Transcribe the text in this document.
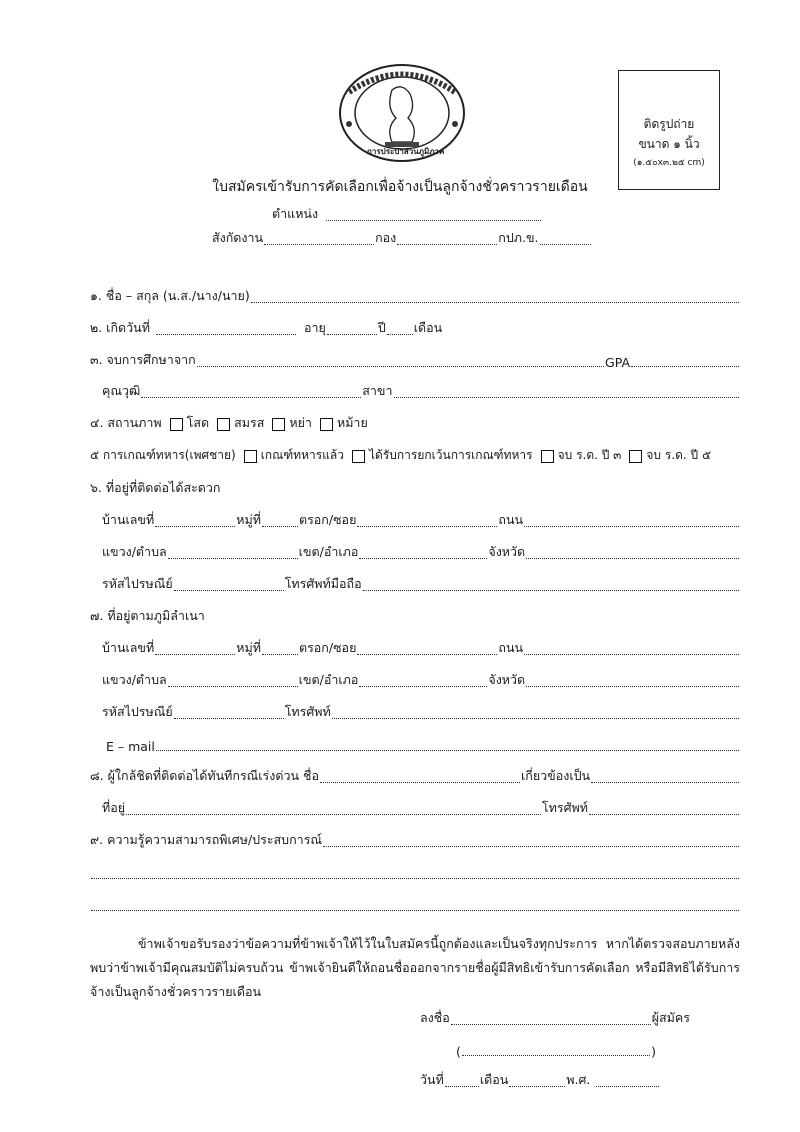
การประปาส่วนภูมิภาค
ติดรูปถ่าย
ขนาด ๑ นิ้ว
(๑.๕๐x๓.๒๕ cm)
ใบสมัครเข้ารับการคัดเลือกเพื่อจ้างเป็นลูกจ้างชั่วคราวรายเดือน
ตำแหน่ง
สังกัดงาน	กอง	กปภ.ข.
๑. ชื่อ – สกุล (น.ส./นาง/นาย)
๒. เกิดวันที่	อายุ	ปี เดือน
๓. จบการศึกษาจาก	GPA
คุณวุฒิ	สาขา
๔. สถานภาพ โสด สมรส หย่า หม้าย
๕ การเกณฑ์ทหาร(เพศชาย) เกณฑ์ทหารแล้ว ได้รับการยกเว้นการเกณฑ์ทหาร จบ ร.ด. ปี ๓ จบ ร.ด. ปี ๕
๖. ที่อยู่ที่ติดต่อได้สะดวก
บ้านเลขที่	หมู่ที่	ตรอก/ซอย	ถนน
แขวง/ตำบล	เขต/อำเภอ	จังหวัด
รหัสไปรษณีย์	โทรศัพท์มือถือ
๗. ที่อยู่ตามภูมิลำเนา
บ้านเลขที่	หมู่ที่	ตรอก/ซอย	ถนน
แขวง/ตำบล	เขต/อำเภอ	จังหวัด
รหัสไปรษณีย์	โทรศัพท์
E – mail
๘. ผู้ใกล้ชิดที่ติดต่อได้ทันทีกรณีเร่งด่วน ชื่อ	เกี่ยวข้องเป็น
ที่อยู่	โทรศัพท์
๙. ความรู้ความสามารถพิเศษ/ประสบการณ์
ข้าพเจ้าขอรับรองว่าข้อความที่ข้าพเจ้าให้ไว้ในใบสมัครนี้ถูกต้องและเป็นจริงทุกประการ หากได้ตรวจสอบภายหลังพบว่าข้าพเจ้ามีคุณสมบัติไม่ครบถ้วน ข้าพเจ้ายินดีให้ถอนชื่อออกจากรายชื่อผู้มีสิทธิเข้ารับการคัดเลือก หรือมีสิทธิได้รับการจ้างเป็นลูกจ้างชั่วคราวรายเดือน
ลงชื่อ	ผู้สมัคร
(	)
วันที่	เดือน	พ.ศ.
